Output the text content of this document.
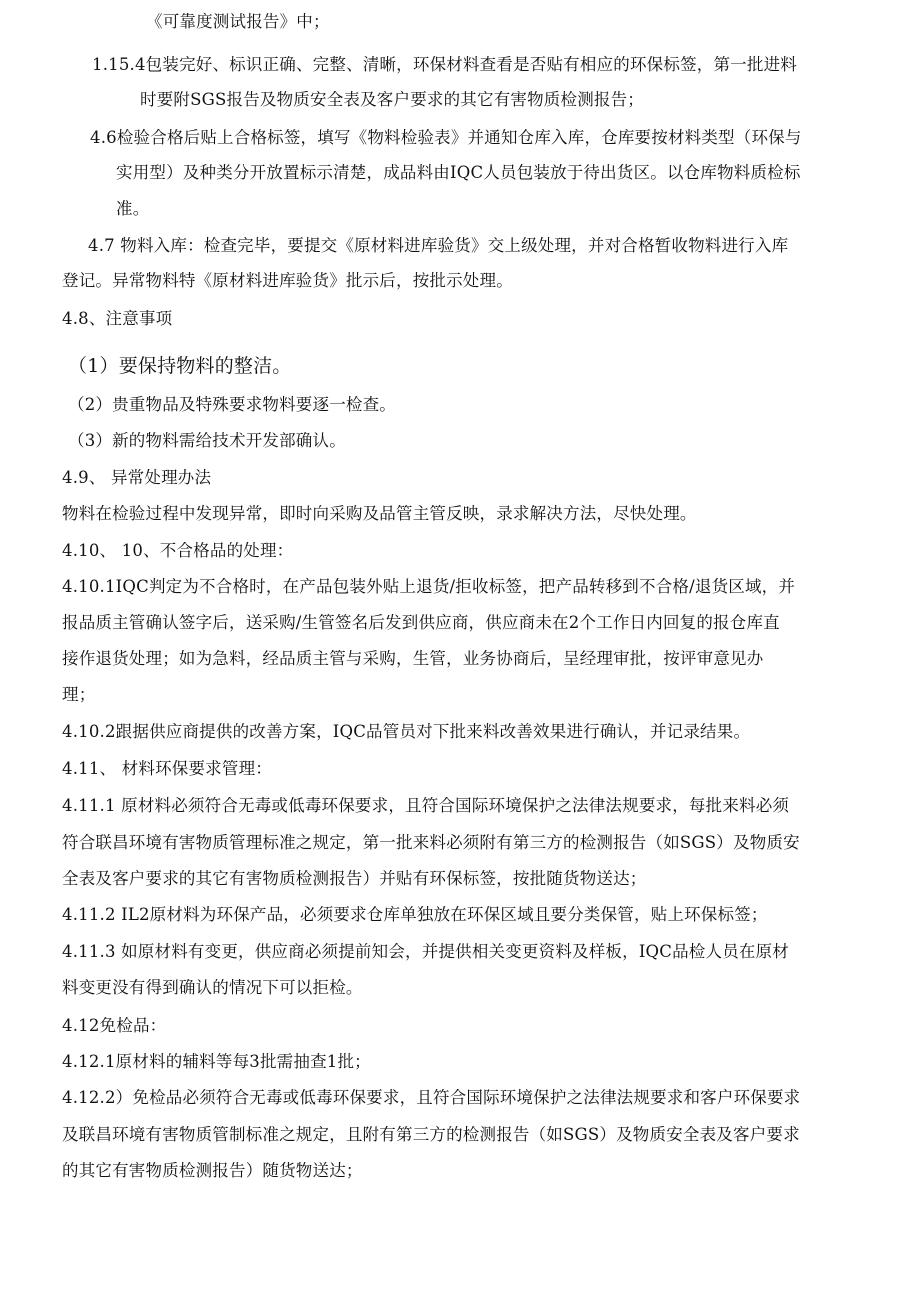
《可靠度测试报告》中；
1.15.4包装完好、标识正确、完整、清晰，环保材料查看是否贴有相应的环保标签，第一批进料
时要附SGS报告及物质安全表及客户要求的其它有害物质检测报告；
4.6检验合格后贴上合格标签，填写《物料检验表》并通知仓库入库，仓库要按材料类型（环保与
实用型）及种类分开放置标示清楚，成品料由IQC人员包装放于待出货区。以仓库物料质检标
准。
4.7 物料入库：检查完毕，要提交《原材料进库验货》交上级处理，并对合格暂收物料进行入库
登记。异常物料特《原材料进库验货》批示后，按批示处理。
4.8、注意事项
（1）要保持物料的整洁。
（2）贵重物品及特殊要求物料要逐一检查。
（3）新的物料需给技术开发部确认。
4.9、 异常处理办法
物料在检验过程中发现异常，即时向采购及品管主管反映，录求解决方法，尽快处理。
4.10、 10、不合格品的处理：
4.10.1IQC判定为不合格时，在产品包装外贴上退货/拒收标签，把产品转移到不合格/退货区域，并
报品质主管确认签字后，送采购/生管签名后发到供应商，供应商未在2个工作日内回复的报仓库直
接作退货处理；如为急料，经品质主管与采购，生管，业务协商后，呈经理审批，按评审意见办
理；
4.10.2跟据供应商提供的改善方案，IQC品管员对下批来料改善效果进行确认，并记录结果。
4.11、 材料环保要求管理：
4.11.1 原材料必须符合无毒或低毒环保要求，且符合国际环境保护之法律法规要求，每批来料必须
符合联昌环境有害物质管理标准之规定，第一批来料必须附有第三方的检测报告（如SGS）及物质安
全表及客户要求的其它有害物质检测报告）并贴有环保标签，按批随货物送达；
4.11.2 IL2原材料为环保产品，必须要求仓库单独放在环保区域且要分类保管，贴上环保标签；
4.11.3 如原材料有变更，供应商必须提前知会，并提供相关变更资料及样板，IQC品检人员在原材
料变更没有得到确认的情况下可以拒检。
4.12免检品：
4.12.1原材料的辅料等每3批需抽查1批；
4.12.2）免检品必须符合无毒或低毒环保要求，且符合国际环境保护之法律法规要求和客户环保要求
及联昌环境有害物质管制标准之规定，且附有第三方的检测报告（如SGS）及物质安全表及客户要求
的其它有害物质检测报告）随货物送达；
